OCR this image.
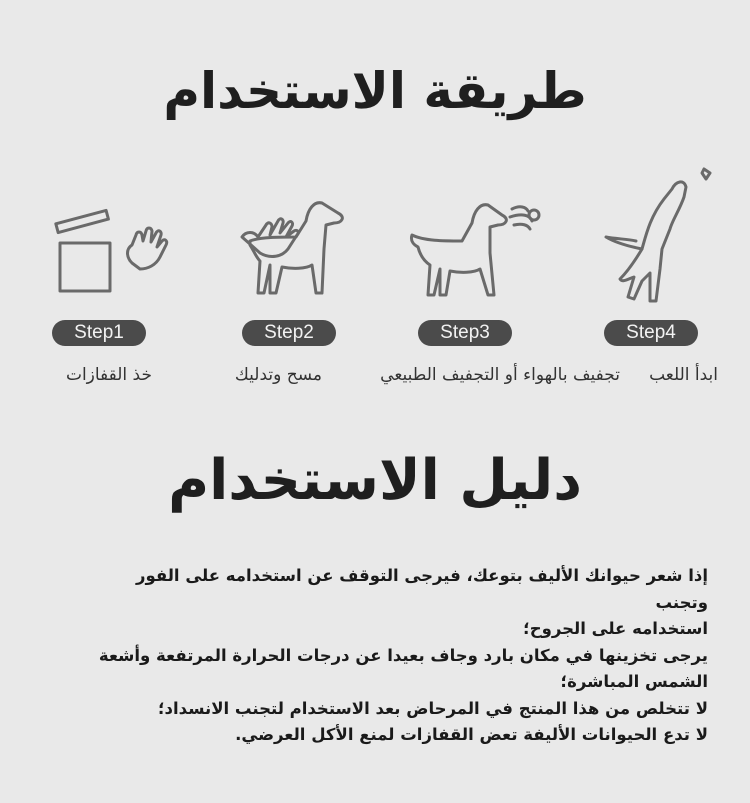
طريقة الاستخدام
Step1
خذ القفازات
Step2
مسح وتدليك
Step3
تجفيف بالهواء أو التجفيف الطبيعي
Step4
ابدأ اللعب
دليل الاستخدام
إذا شعر حيوانك الأليف بتوعك، فيرجى التوقف عن استخدامه على الفور وتجنب
استخدامه على الجروح؛
يرجى تخزينها في مكان بارد وجاف بعيدا عن درجات الحرارة المرتفعة وأشعة
الشمس المباشرة؛
لا تتخلص من هذا المنتج في المرحاض بعد الاستخدام لتجنب الانسداد؛
لا تدع الحيوانات الأليفة تعض القفازات لمنع الأكل العرضي.
